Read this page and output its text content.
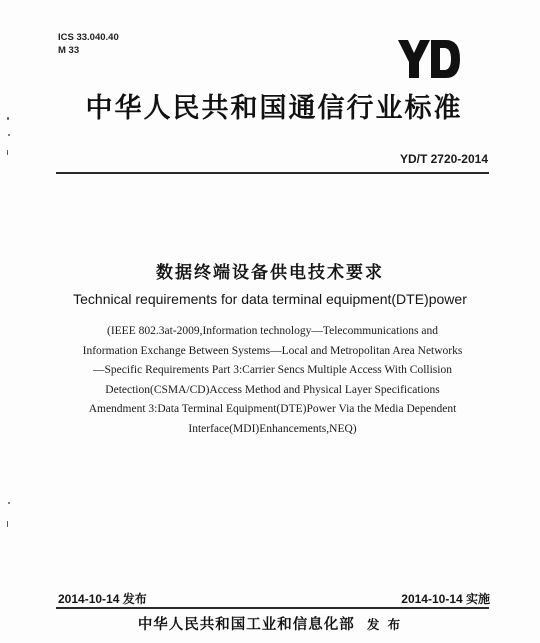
ICS 33.040.40
M 33
中华人民共和国通信行业标准
YD/T 2720-2014
数据终端设备供电技术要求
Technical requirements for data terminal equipment(DTE)power
(IEEE 802.3at-2009,Information technology—Telecommunications and
Information Exchange Between Systems—Local and Metropolitan Area Networks
—Specific Requirements Part 3:Carrier Sencs Multiple Access With Collision
Detection(CSMA/CD)Access Method and Physical Layer Specifications
Amendment 3:Data Terminal Equipment(DTE)Power Via the Media Dependent
Interface(MDI)Enhancements,NEQ)
2014-10-14 发布	2014-10-14 实施
中华人民共和国工业和信息化部 发 布
